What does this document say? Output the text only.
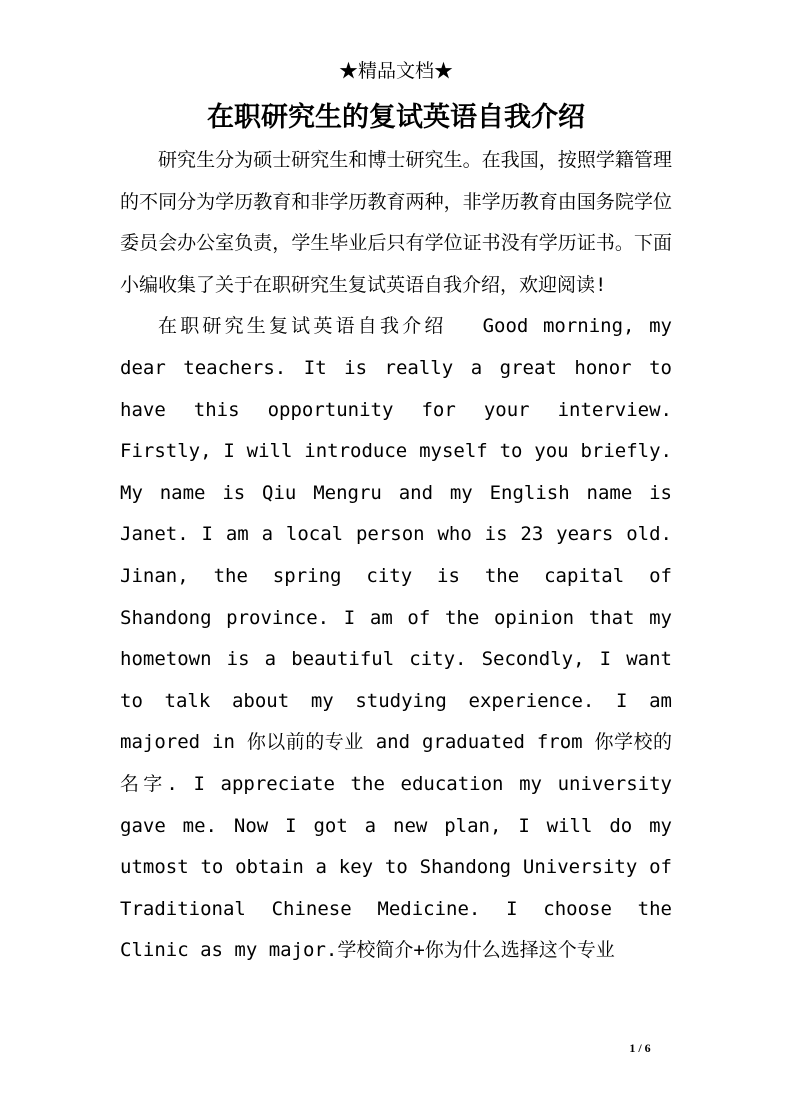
★精品文档★
在职研究生的复试英语自我介绍

研究生分为硕士研究生和博士研究生。在我国，按照学籍管理的不同分为学历教育和非学历教育两种，非学历教育由国务院学位委员会办公室负责，学生毕业后只有学位证书没有学历证书。下面小编收集了关于在职研究生复试英语自我介绍，欢迎阅读!

在职研究生复试英语自我介绍 Good morning, my dear teachers. It is really a great honor to have this opportunity for your interview. Firstly, I will introduce myself to you briefly. My name is Qiu Mengru and my English name is Janet. I am a local person who is 23 years old. Jinan, the spring city is the capital of Shandong province. I am of the opinion that my hometown is a beautiful city. Secondly, I want to talk about my studying experience. I am majored in 你以前的专业 and graduated from 你学校的名字. I appreciate the education my university gave me. Now I got a new plan, I will do my utmost to obtain a key to Shandong University of Traditional Chinese Medicine. I choose the Clinic as my major.学校简介+你为什么选择这个专业

1 / 6
